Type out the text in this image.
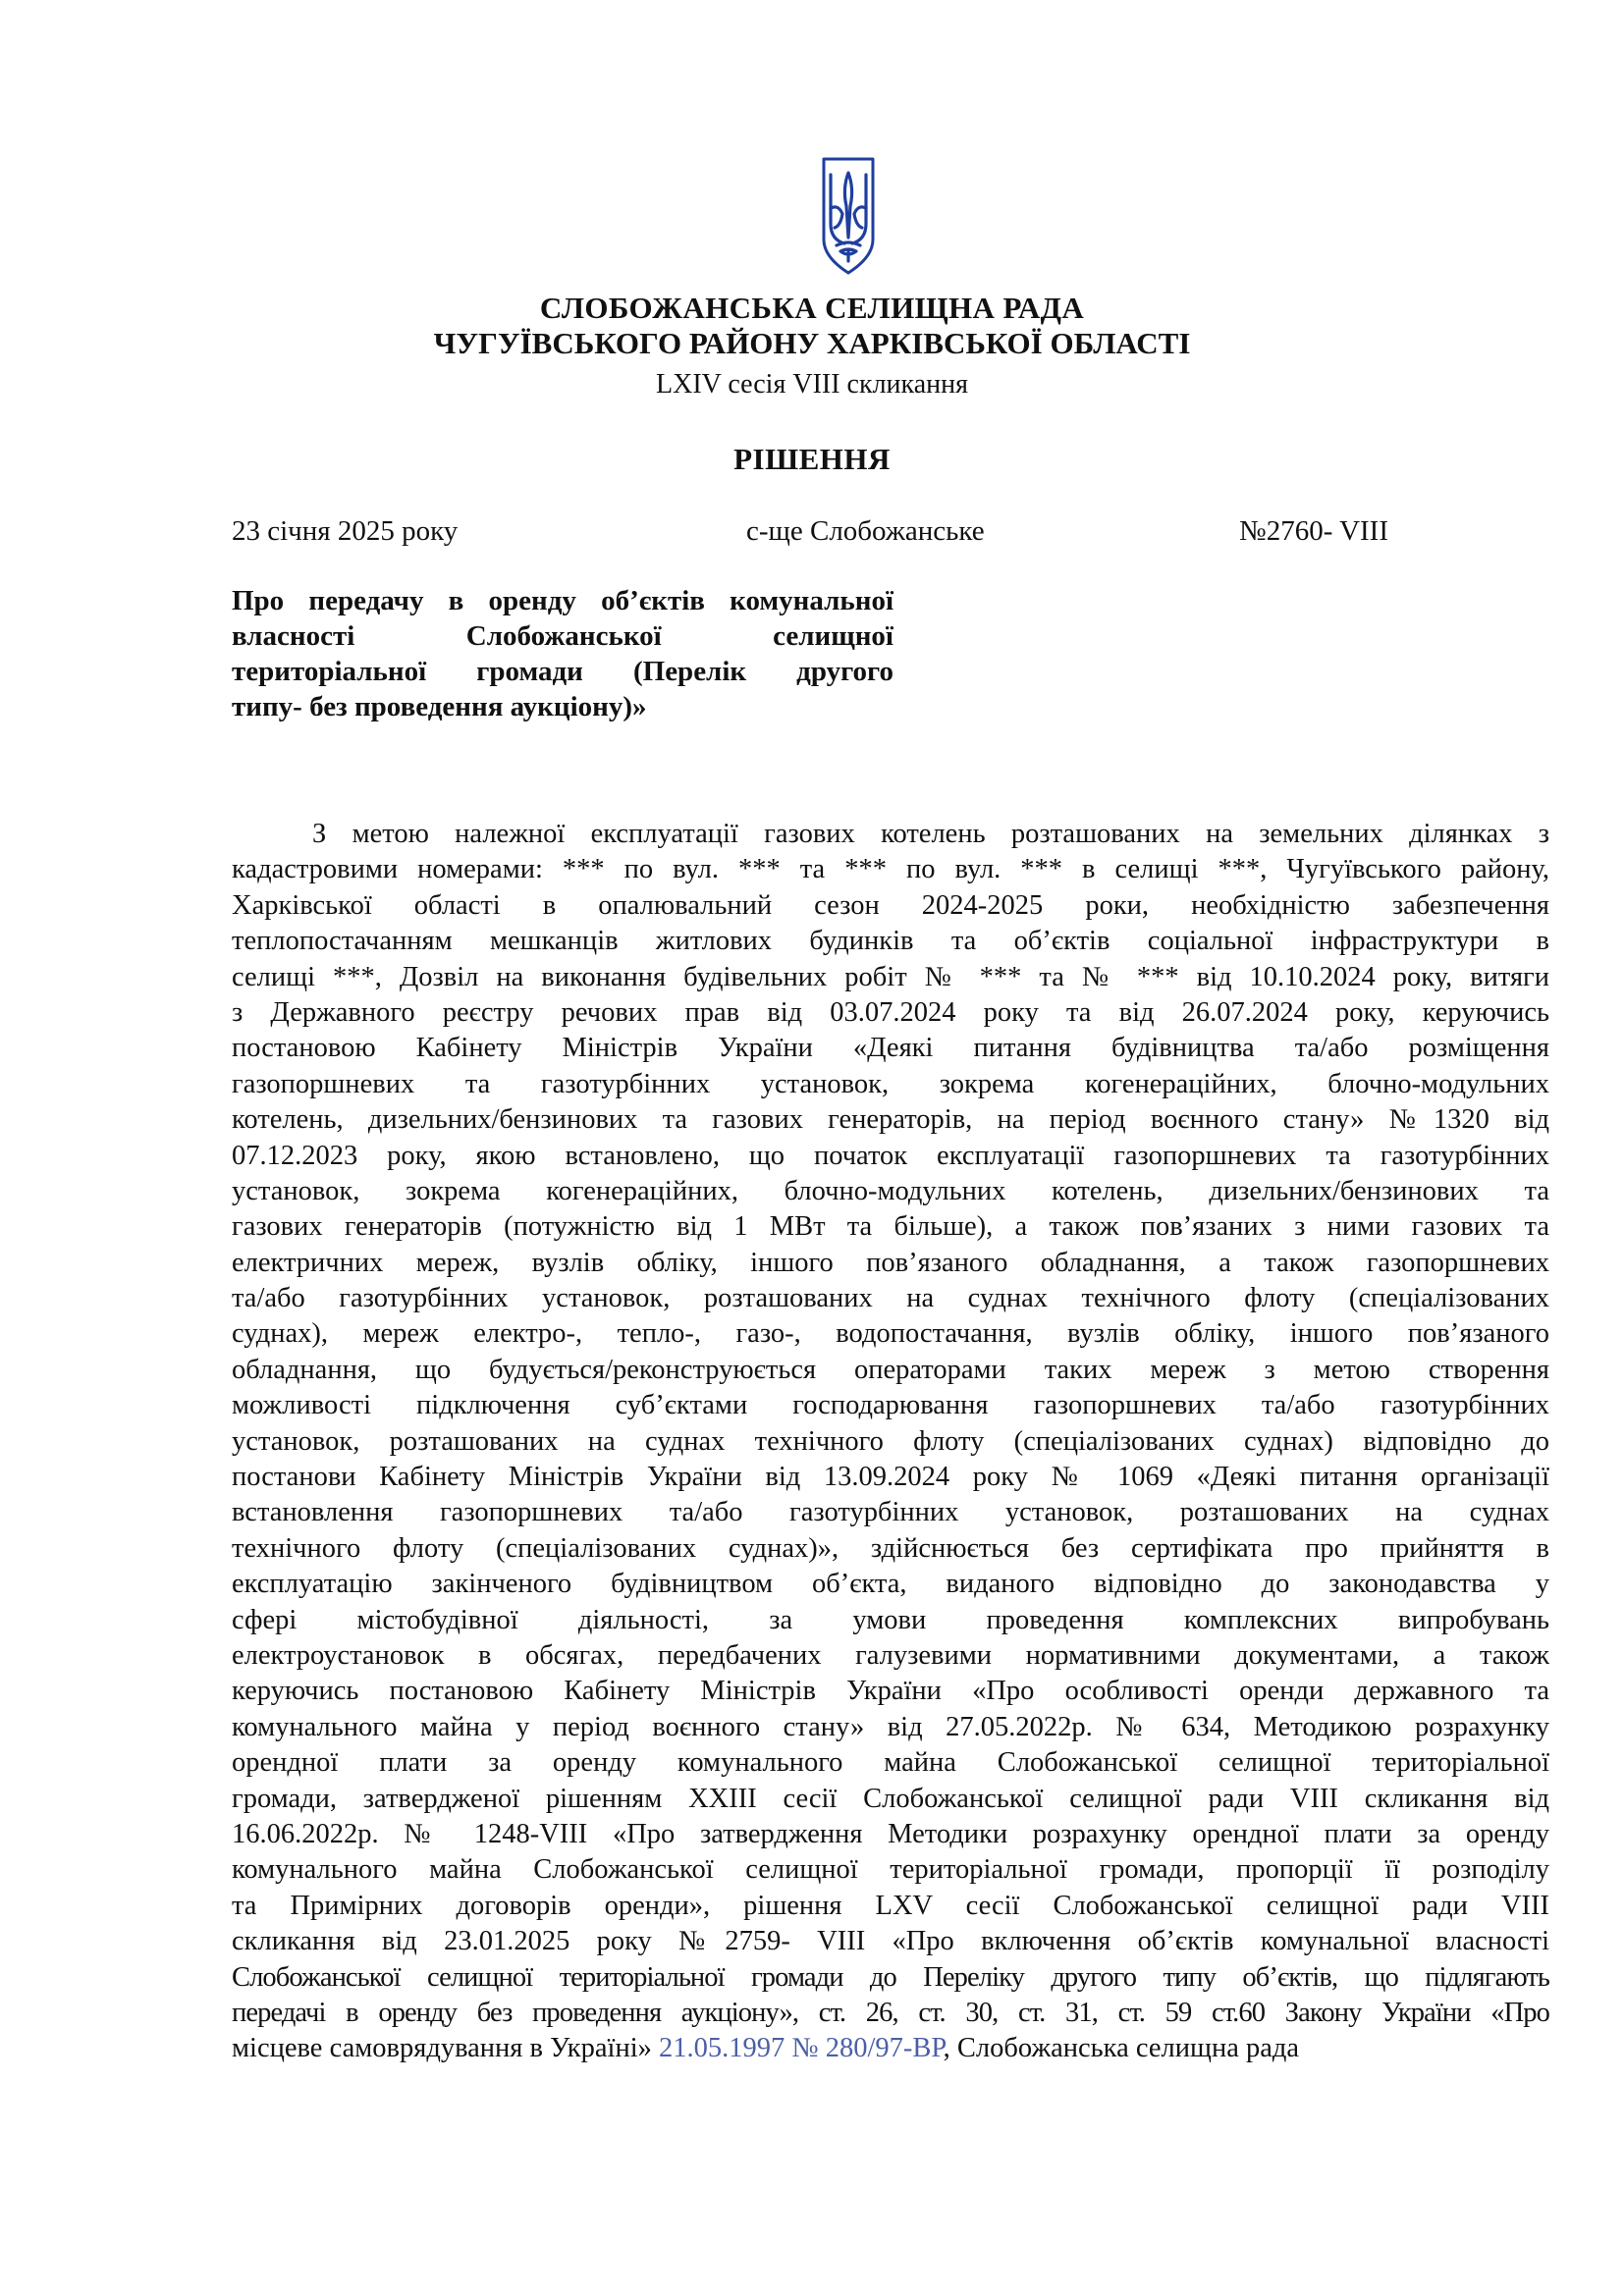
СЛОБОЖАНСЬКА СЕЛИЩНА РАДА
ЧУГУЇВСЬКОГО РАЙОНУ ХАРКІВСЬКОЇ ОБЛАСТІ
LXIV сесія VIII скликання
РІШЕННЯ
23 січня 2025 року	с-ще Слобожанське	№2760- VIII
Про передачу в оренду об’єктів комунальної
власності Слобожанської селищної
територіальної громади (Перелік другого
типу- без проведення аукціону)»
З метою належної експлуатації газових котелень розташованих на земельних ділянках з
кадастровими номерами: *** по вул. *** та *** по вул. *** в селищі ***, Чугуївського району,
Харківської області в опалювальний сезон 2024-2025 роки, необхідністю забезпечення
теплопостачанням мешканців житлових будинків та об’єктів соціальної інфраструктури в
селищі ***, Дозвіл на виконання будівельних робіт № *** та № *** від 10.10.2024 року, витяги
з Державного реєстру речових прав від 03.07.2024 року та від 26.07.2024 року, керуючись
постановою Кабінету Міністрів України «Деякі питання будівництва та/або розміщення
газопоршневих та газотурбінних установок, зокрема когенераційних, блочно-модульних
котелень, дизельних/бензинових та газових генераторів, на період воєнного стану» №1320 від
07.12.2023 року, якою встановлено, що початок експлуатації газопоршневих та газотурбінних
установок, зокрема когенераційних, блочно-модульних котелень, дизельних/бензинових та
газових генераторів (потужністю від 1 МВт та більше), а також пов’язаних з ними газових та
електричних мереж, вузлів обліку, іншого пов’язаного обладнання, а також газопоршневих
та/або газотурбінних установок, розташованих на суднах технічного флоту (спеціалізованих
суднах), мереж електро-, тепло-, газо-, водопостачання, вузлів обліку, іншого пов’язаного
обладнання, що будується/реконструюється операторами таких мереж з метою створення
можливості підключення суб’єктами господарювання газопоршневих та/або газотурбінних
установок, розташованих на суднах технічного флоту (спеціалізованих суднах) відповідно до
постанови Кабінету Міністрів України від 13.09.2024 року № 1069 «Деякі питання організації
встановлення газопоршневих та/або газотурбінних установок, розташованих на суднах
технічного флоту (спеціалізованих суднах)», здійснюється без сертифіката про прийняття в
експлуатацію закінченого будівництвом об’єкта, виданого відповідно до законодавства у
сфері містобудівної діяльності, за умови проведення комплексних випробувань
електроустановок в обсягах, передбачених галузевими нормативними документами, а також
керуючись постановою Кабінету Міністрів України «Про особливості оренди державного та
комунального майна у період воєнного стану» від 27.05.2022р. № 634, Методикою розрахунку
орендної плати за оренду комунального майна Слобожанської селищної територіальної
громади, затвердженої рішенням XXIII сесії Слобожанської селищної ради VIII скликання від
16.06.2022р. № 1248-VIII «Про затвердження Методики розрахунку орендної плати за оренду
комунального майна Слобожанської селищної територіальної громади, пропорції її розподілу
та Примірних договорів оренди», рішення LXV сесії Слобожанської селищної ради VIII
скликання від 23.01.2025 року №2759- VIII «Про включення об’єктів комунальної власності
Слобожанської селищної територіальної громади до Переліку другого типу об’єктів, що підлягають
передачі в оренду без проведення аукціону», ст. 26, ст. 30, ст. 31, ст. 59 ст.60 Закону України «Про
місцеве самоврядування в Україні» 21.05.1997 № 280/97-ВР, Слобожанська селищна рада
